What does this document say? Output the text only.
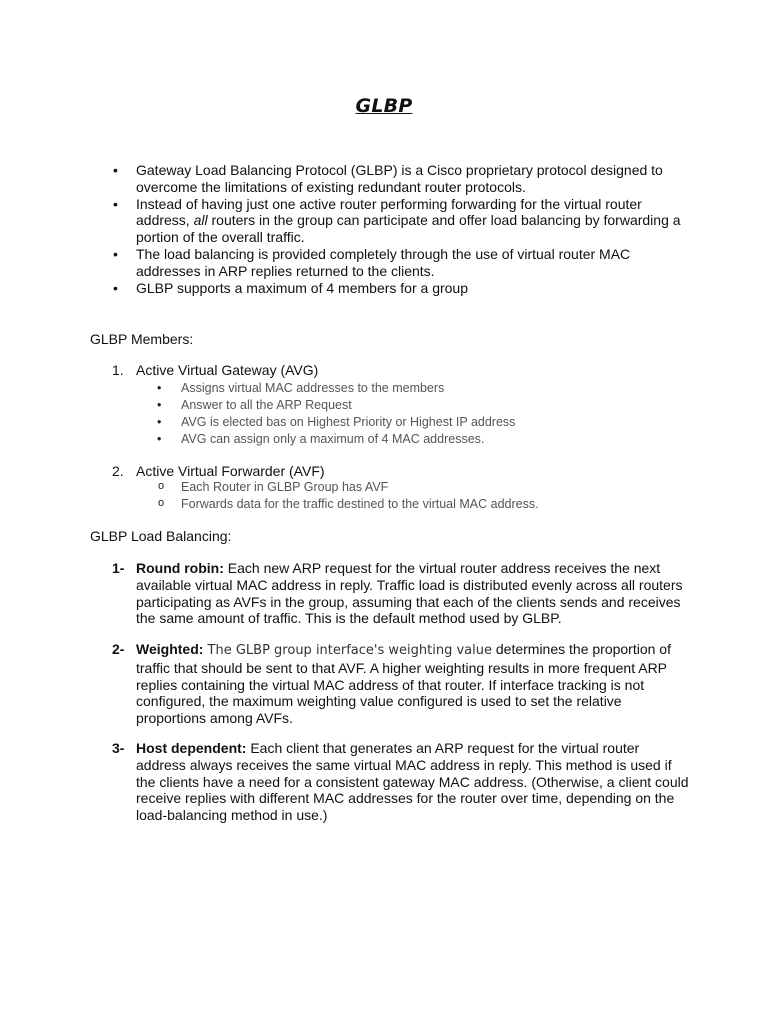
GLBP
• Gateway Load Balancing Protocol (GLBP) is a Cisco proprietary protocol designed to overcome the limitations of existing redundant router protocols.
• Instead of having just one active router performing forwarding for the virtual router address, all routers in the group can participate and offer load balancing by forwarding a portion of the overall traffic.
• The load balancing is provided completely through the use of virtual router MAC addresses in ARP replies returned to the clients.
• GLBP supports a maximum of 4 members for a group
GLBP Members:
1. Active Virtual Gateway (AVG)
• Assigns virtual MAC addresses to the members
• Answer to all the ARP Request
• AVG is elected bas on Highest Priority or Highest IP address
• AVG can assign only a maximum of 4 MAC addresses.
2. Active Virtual Forwarder (AVF)
o Each Router in GLBP Group has AVF
o Forwards data for the traffic destined to the virtual MAC address.
GLBP Load Balancing:
1- Round robin: Each new ARP request for the virtual router address receives the next available virtual MAC address in reply. Traffic load is distributed evenly across all routers participating as AVFs in the group, assuming that each of the clients sends and receives the same amount of traffic. This is the default method used by GLBP.
2- Weighted: The GLBP group interface's weighting value determines the proportion of traffic that should be sent to that AVF. A higher weighting results in more frequent ARP replies containing the virtual MAC address of that router. If interface tracking is not configured, the maximum weighting value configured is used to set the relative proportions among AVFs.
3- Host dependent: Each client that generates an ARP request for the virtual router address always receives the same virtual MAC address in reply. This method is used if the clients have a need for a consistent gateway MAC address. (Otherwise, a client could receive replies with different MAC addresses for the router over time, depending on the load-balancing method in use.)
